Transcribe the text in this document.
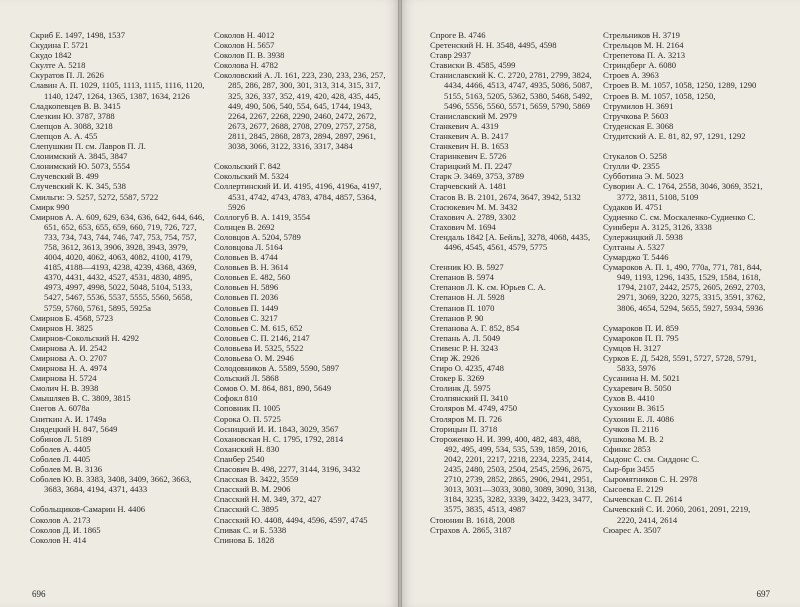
Скриб Е. 1497, 1498, 1537
Скудина Г. 5721
Скудо 1842
Скулте А. 5218
Скуратов П. Л. 2626
Славин А. П. 1029, 1105, 1113, 1115, 1116, 1120, 1140, 1247, 1264, 1365, 1387, 1634, 2126
Сладкопевцев В. В. 3415
Слезкин Ю. 3787, 3788
Слепцов А. 3088, 3218
Слепцов А. А. 455
Слепушкин П. см. Лавров П. Л.
Слонимский А. 3845, 3847
Слонимский Ю. 5073, 5554
Случевский В. 499
Случевский К. К. 345, 538
Смильги: Э. 5257, 5272, 5587, 5722
Смирк 990
Смирнов А. А. 609, 629, 634, 636, 642, 644, 646, 651, 652, 653, 655, 659, 660, 719, 726, 727, 733, 734, 743, 744, 746, 747, 753, 754, 757, 758, 3612, 3613, 3906, 3928, 3943, 3979, 4004, 4020, 4062, 4063, 4082, 4100, 4179, 4185, 4188—4193, 4238, 4239, 4368, 4369, 4370, 4431, 4432, 4527, 4531, 4830, 4895, 4973, 4997, 4998, 5022, 5048, 5104, 5133, 5427, 5467, 5536, 5537, 5555, 5560, 5658, 5759, 5760, 5761, 5895, 5925a
Смирнов Б. 4568, 5723
Смирнов Н. 3825
Смирнов-Сокольский Н. 4292
Смирнова А. И. 2542
Смирнова А. О. 2707
Смирнова Н. А. 4974
Смирнова Н. 5724
Смолич Н. В. 3938
Смышляев В. С. 3809, 3815
Снегов А. 6078a
Сниткин А. И. 1749a
Снядецкий Н. 847, 5649
Собинов Л. 5189
Соболев А. 4405
Соболев Л. 4405
Соболев М. В. 3136
Соболев Ю. В. 3383, 3408, 3409, 3662, 3663, 3683, 3684, 4194, 4371, 4433

Собольщиков-Самарин Н. 4406
Соколов А. 2173
Соколов Д. И. 1865
Соколов Н. 414
Соколов Н. 4012
Соколов Н. 5657
Соколов П. В. 3938
Соколова Н. 4782
Соколовский А. Л. 161, 223, 230, 233, 236, 257, 285, 286, 287, 300, 301, 313, 314, 315, 317, 325, 326, 337, 352, 419, 420, 428, 435, 445, 449, 490, 506, 540, 554, 645, 1744, 1943, 2264, 2267, 2268, 2290, 2460, 2472, 2672, 2673, 2677, 2688, 2708, 2709, 2757, 2758, 2811, 2845, 2868, 2873, 2894, 2897, 2961, 3038, 3066, 3122, 3316, 3317, 3484

Сокольский Г. 842
Сокольский М. 5324
Соллертинский И. И. 4195, 4196, 4196a, 4197, 4531, 4742, 4743, 4783, 4784, 4857, 5364, 5926
Соллогуб В. А. 1419, 3554
Солнцев В. 2692
Соловцов А. 5204, 5789
Соловцова Л. 5164
Соловьев В. 4744
Соловьев В. Н. 3614
Соловьев Е. 482, 560
Соловьев Н. 5896
Соловьев П. 2036
Соловьев П. 1449
Соловьев С. 3217
Соловьев С. М. 615, 652
Соловьев С. П. 2146, 2147
Соловьева И. 5325, 5522
Соловьева О. М. 2946
Солодовников А. 5589, 5590, 5897
Сольский Л. 5868
Сомов О. М. 864, 881, 890, 5649
Софокл 810
Соповник П. 1005
Сорока О. П. 5725
Сосницкий И. И. 1843, 3029, 3567
Сохановская Н. С. 1795, 1792, 2814
Соханский Н. 830
Спанбер 2540
Спасович В. 498, 2277, 3144, 3196, 3432
Спасская В. 3422, 3559
Спасский В. М. 2906
Спасский Н. М. 349, 372, 427
Спасский С. 3895
Спасский Ю. 4408, 4494, 4596, 4597, 4745
Спивак С. и Б. 5338
Спинова Б. 1828
696
Спроге В. 4746
Сретенский Н. Н. 3548, 4495, 4598
Ставр 2937
Стависки В. 4585, 4599
Станиславский К. С. 2720, 2781, 2799, 3824, 4434, 4466, 4513, 4747, 4935, 5086, 5087, 5155, 5163, 5205, 5362, 5380, 5468, 5492, 5496, 5556, 5560, 5571, 5659, 5790, 5869
Станиславский М. 2979
Станкевич А. 4319
Станкевич А. В. 2417
Станкевич Н. В. 1653
Старинкевич Е. 5726
Старицкий М. П. 2247
Старк Э. 3469, 3753, 3789
Старчевский А. 1481
Стасов В. В. 2101, 2674, 3647, 3942, 5132
Стасюкевич М. М. 3432
Стахович А. 2789, 3302
Стахович М. 1694
Стендаль 1842 [А. Бейль], 3278, 4068, 4435, 4496, 4545, 4561, 4579, 5775

Стенник Ю. В. 5927
Степанов В. 5974
Степанов Л. К. см. Юрьев С. А.
Степанов Н. Л. 5928
Степанов П. 1070
Степанов Р. 90
Степанова А. Г. 852, 854
Степань А. Л. 5049
Стивенс Р. Н. 3243
Стир Ж. 2926
Стиро О. 4235, 4748
Стокер Б. 3269
Столинк Д. 5975
Столпянский П. 3410
Столяров М. 4749, 4750
Столяров М. П. 726
Сторицын П. 3718
Стороженко Н. И. 399, 400, 482, 483, 488, 492, 495, 499, 534, 535, 539, 1859, 2016, 2042, 2201, 2217, 2218, 2234, 2235, 2414, 2435, 2480, 2503, 2504, 2545, 2596, 2675, 2710, 2739, 2852, 2865, 2906, 2941, 2951, 3013, 3031—3033, 3080, 3089, 3090, 3138, 3184, 3235, 3282, 3339, 3422, 3423, 3477, 3575, 3835, 4513, 4987
Стоюнин В. 1618, 2008
Страхов А. 2865, 3187
Стрельников Н. 3719
Стрельцов М. Н. 2164
Стрепетова П. А. 3213
Стриндберг А. 6080
Строев А. 3963
Строев В. М. 1057, 1058, 1250, 1289, 1290
Строев В. М. 1057, 1058, 1250,
Струмилов Н. 3691
Стручкова Р. 5603
Студенская Е. 3068
Студитский А. Е. 81, 82, 97, 1291, 1292

Стукалов О. 5258
Стулли Ф. 2355
Субботина Э. М. 5023
Суворин А. С. 1764, 2558, 3046, 3069, 3521, 3772, 3811, 5108, 5109
Судаков И. 4751
Судиенко С. см. Москаленко-Судиенко С.
Суинберн А. 3125, 3126, 3338
Сулержицкий Л. 5938
Султаны А. 5327
Сумарджо Т. 5446
Сумароков А. П. 1, 490, 770a, 771, 781, 844, 949, 1193, 1296, 1435, 1529, 1584, 1618, 1794, 2107, 2442, 2575, 2605, 2692, 2703, 2971, 3069, 3220, 3275, 3315, 3591, 3762, 3806, 4654, 5294, 5655, 5927, 5934, 5936

Сумароков П. И. 859
Сумароков П. П. 795
Сумцов Н. 3127
Сурков Е. Д. 5428, 5591, 5727, 5728, 5791, 5833, 5976
Сусанина Н. М. 5021
Сухаревич В. 5050
Сухов В. 4410
Сухонин В. 3615
Сухонин Е. Л. 4086
Сучков П. 2116
Сушкова М. В. 2
Сфинкс 2853
Сыдонс С. см. Сиддонс С.
Сыр-бри 3455
Сыромятников С. Н. 2978
Сысоева Е. 2129
Сычевская С. П. 2614
Сычевский С. И. 2060, 2061, 2091, 2219, 2220, 2414, 2614
Сюарес А. 3507
697
